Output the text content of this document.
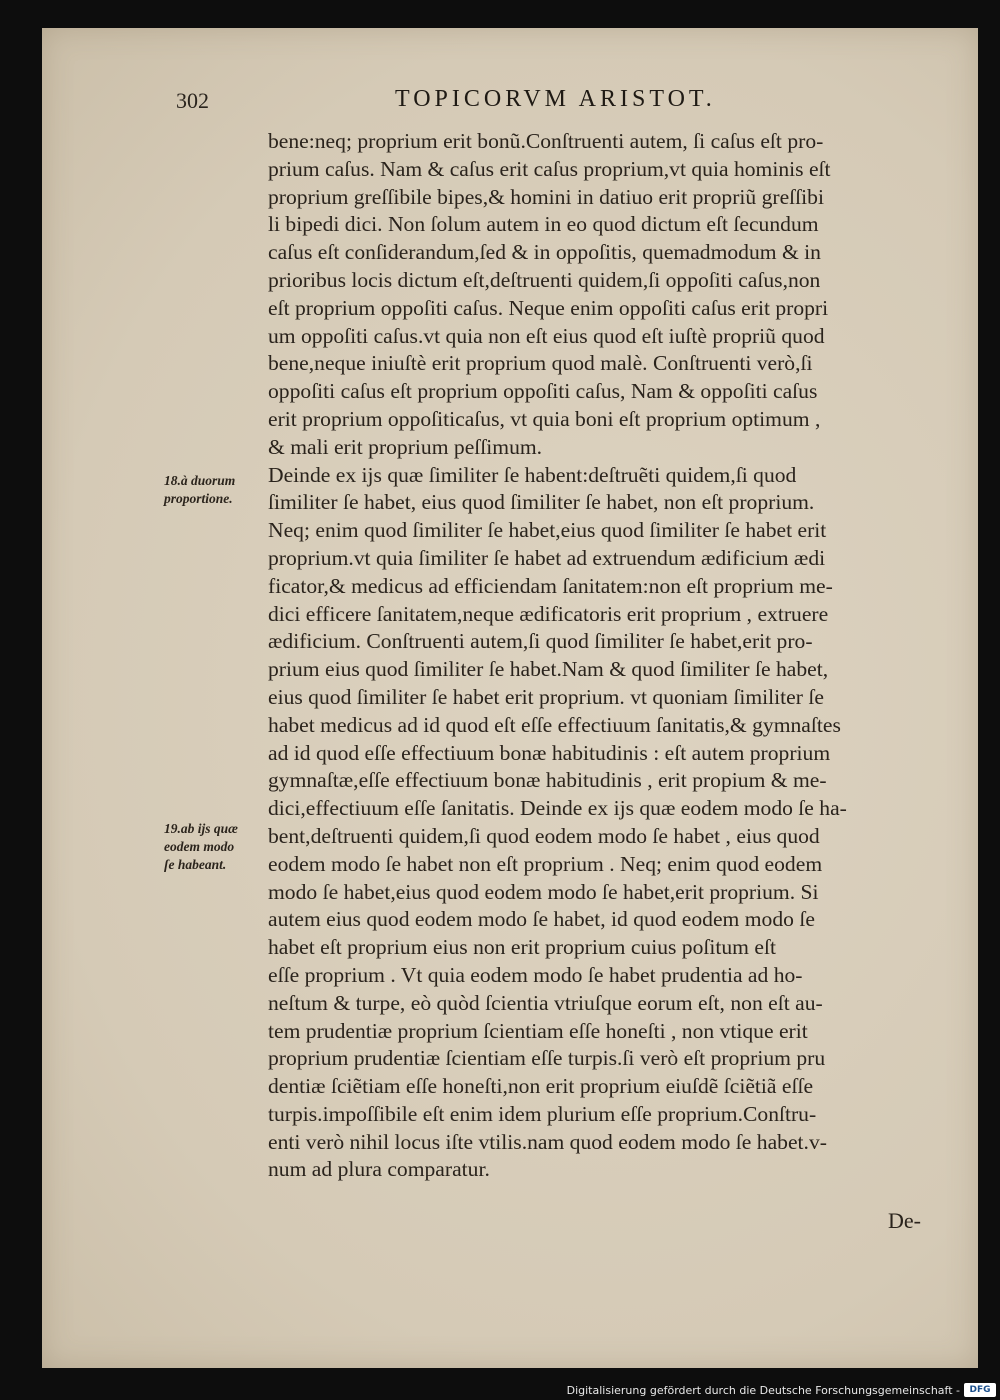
302	TOPICORVM ARISTOT.
bene:neq; proprium erit bonũ.Conſtruenti autem, ſi caſus eſt pro-
prium caſus. Nam & caſus erit caſus proprium,vt quia hominis eſt
proprium greſſibile bipes,& homini in datiuo erit propriũ greſſibi
li bipedi dici. Non ſolum autem in eo quod dictum eſt ſecundum
caſus eſt conſiderandum,ſed & in oppoſitis, quemadmodum & in
prioribus locis dictum eſt,deſtruenti quidem,ſi oppoſiti caſus,non
eſt proprium oppoſiti caſus. Neque enim oppoſiti caſus erit propri
um oppoſiti caſus.vt quia non eſt eius quod eſt iuſtè propriũ quod
bene,neque iniuſtè erit proprium quod malè. Conſtruenti verò,ſi
oppoſiti caſus eſt proprium oppoſiti caſus, Nam & oppoſiti caſus
erit proprium oppoſiticaſus, vt quia boni eſt proprium optimum ,
& mali erit proprium peſſimum.
Deinde ex ijs quæ ſimiliter ſe habent:deſtruẽti quidem,ſi quod
ſimiliter ſe habet, eius quod ſimiliter ſe habet, non eſt proprium.
Neq; enim quod ſimiliter ſe habet,eius quod ſimiliter ſe habet erit
proprium.vt quia ſimiliter ſe habet ad extruendum ædificium ædi
ficator,& medicus ad efficiendam ſanitatem:non eſt proprium me-
dici efficere ſanitatem,neque ædificatoris erit proprium , extruere
ædificium. Conſtruenti autem,ſi quod ſimiliter ſe habet,erit pro-
prium eius quod ſimiliter ſe habet.Nam & quod ſimiliter ſe habet,
eius quod ſimiliter ſe habet erit proprium. vt quoniam ſimiliter ſe
habet medicus ad id quod eſt eſſe effectiuum ſanitatis,& gymnaſtes
ad id quod eſſe effectiuum bonæ habitudinis : eſt autem proprium
gymnaſtæ,eſſe effectiuum bonæ habitudinis , erit propium & me-
dici,effectiuum eſſe ſanitatis. Deinde ex ijs quæ eodem modo ſe ha-
bent,deſtruenti quidem,ſi quod eodem modo ſe habet , eius quod
eodem modo ſe habet non eſt proprium . Neq; enim quod eodem
modo ſe habet,eius quod eodem modo ſe habet,erit proprium. Si
autem eius quod eodem modo ſe habet, id quod eodem modo ſe
habet eſt proprium eius non erit proprium cuius poſitum eſt
eſſe proprium . Vt quia eodem modo ſe habet prudentia ad ho-
neſtum & turpe, eò quòd ſcientia vtriuſque eorum eſt, non eſt au-
tem prudentiæ proprium ſcientiam eſſe honeſti , non vtique erit
proprium prudentiæ ſcientiam eſſe turpis.ſi verò eſt proprium pru
dentiæ ſciẽtiam eſſe honeſti,non erit proprium eiuſdẽ ſciẽtiã eſſe
turpis.impoſſibile eſt enim idem plurium eſſe proprium.Conſtru-
enti verò nihil locus iſte vtilis.nam quod eodem modo ſe habet.v-
num ad plura comparatur.
18.à duorum
proportione.
19.ab ijs quæ
eodem modo
ſe habeant.
De-
Digitalisierung gefördert durch die Deutsche Forschungsgemeinschaft -	DFG
